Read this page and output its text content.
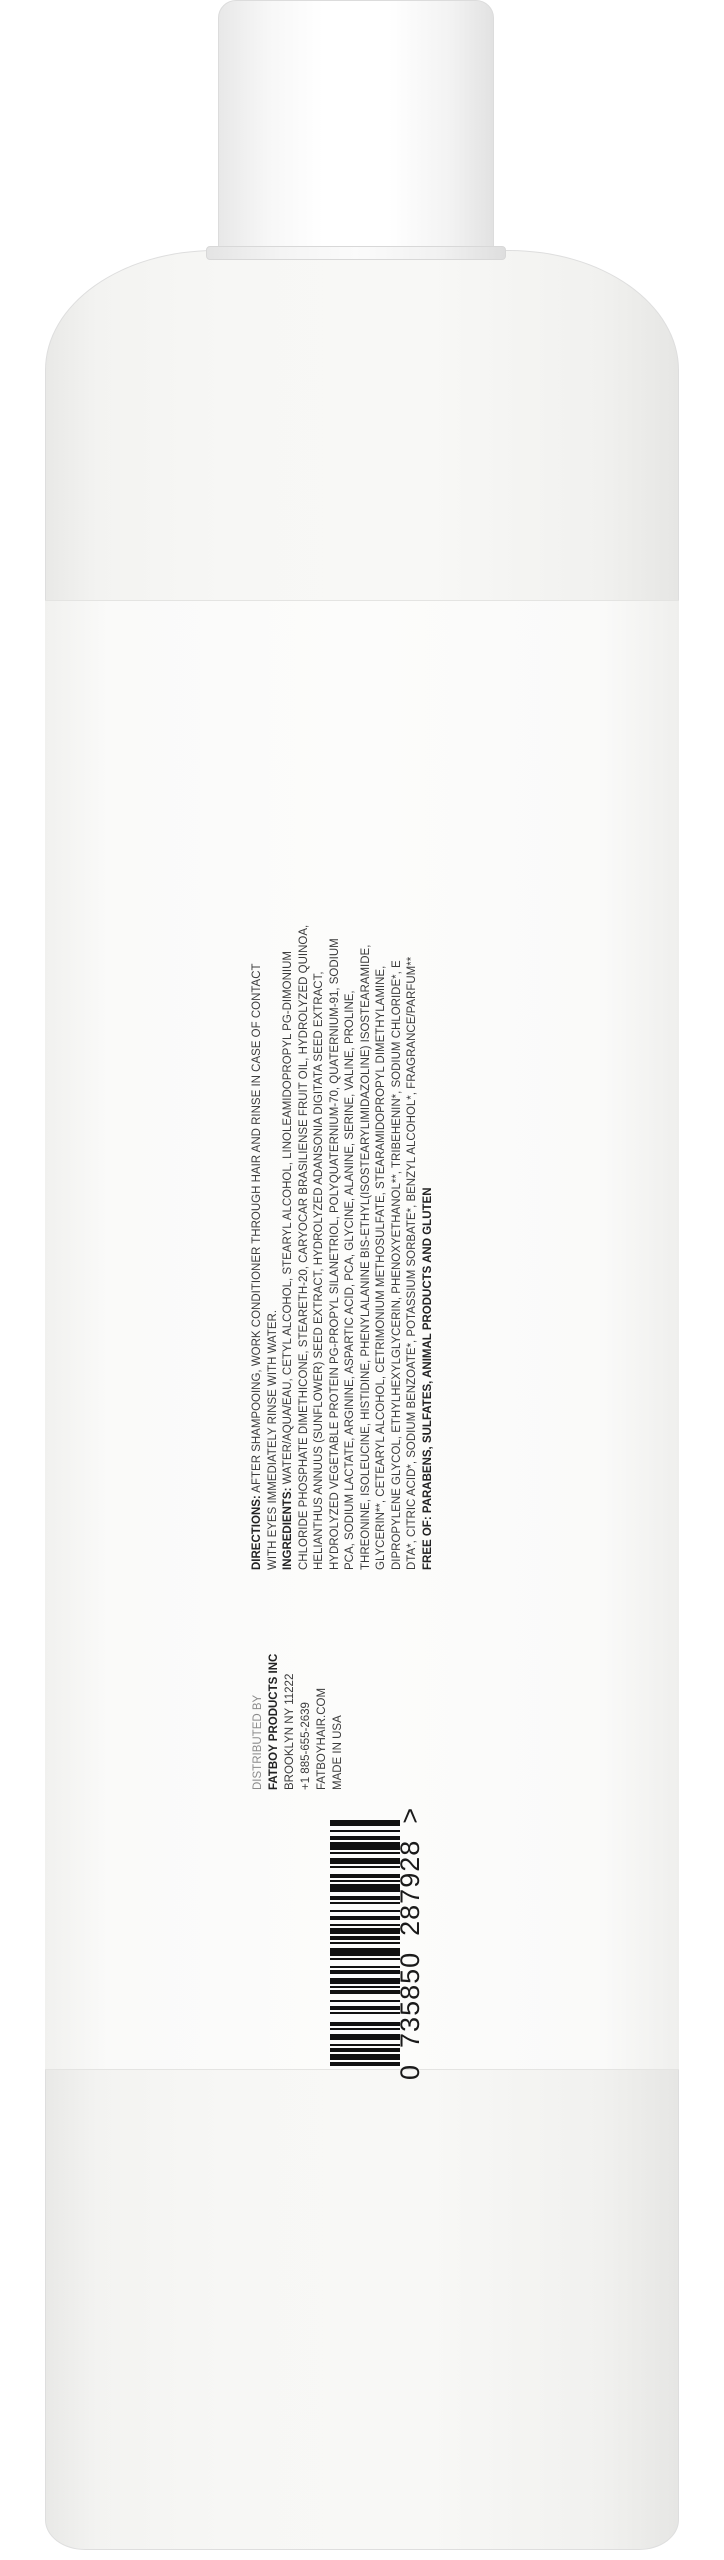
DIRECTIONS: AFTER SHAMPOOING, WORK CONDITIONER THROUGH HAIR AND RINSE IN CASE OF CONTACT WITH EYES IMMEDIATELY RINSE WITH WATER. INGREDIENTS: WATER/AQUA/EAU, CETYL ALCOHOL, STEARYL ALCOHOL, LINOLEAMIDOPROPYL PG-DIMONIUM CHLORIDE PHOSPHATE DIMETHICONE, STEARETH-20, CARYOCAR BRASILIENSE FRUIT OIL, HYDROLYZED QUINOA, HELIANTHUS ANNUUS (SUNFLOWER) SEED EXTRACT, HYDROLYZED ADANSONIA DIGITATA SEED EXTRACT, HYDROLYZED VEGETABLE PROTEIN PG-PROPYL SILANETRIOL, POLYQUATERNIUM-70, QUATERNIUM-91, SODIUM PCA, SODIUM LACTATE, ARGININE, ASPARTIC ACID, PCA, GLYCINE, ALANINE, SERINE, VALINE, PROLINE, THREONINE, ISOLEUCINE, HISTIDINE, PHENYLALANINE BIS-ETHYL(ISOSTEARYLIMIDAZOLINE) ISOSTEARAMIDE, GLYCERIN**, CETEARYL ALCOHOL, CETRIMONIUM METHOSULFATE, STEARAMIDOPROPYL DIMETHYLAMINE, DIPROPYLENE GLYCOL, ETHYLHEXYLGLYCERIN, PHENOXYETHANOL**, TRIBEHENIN*, SODIUM CHLORIDE*, E DTA*, CITRIC ACID*, SODIUM BENZOATE*, POTASSIUM SORBATE*, BENZYL ALCOHOL*, FRAGRANCE/PARFUM** FREE OF: PARABENS, SULFATES, ANIMAL PRODUCTS AND GLUTEN
DISTRIBUTED BY FATBOY PRODUCTS INC BROOKLYN NY 11222 +1 885-655-2639 FATBOYHAIR.COM MADE IN USA
0735850287928>
